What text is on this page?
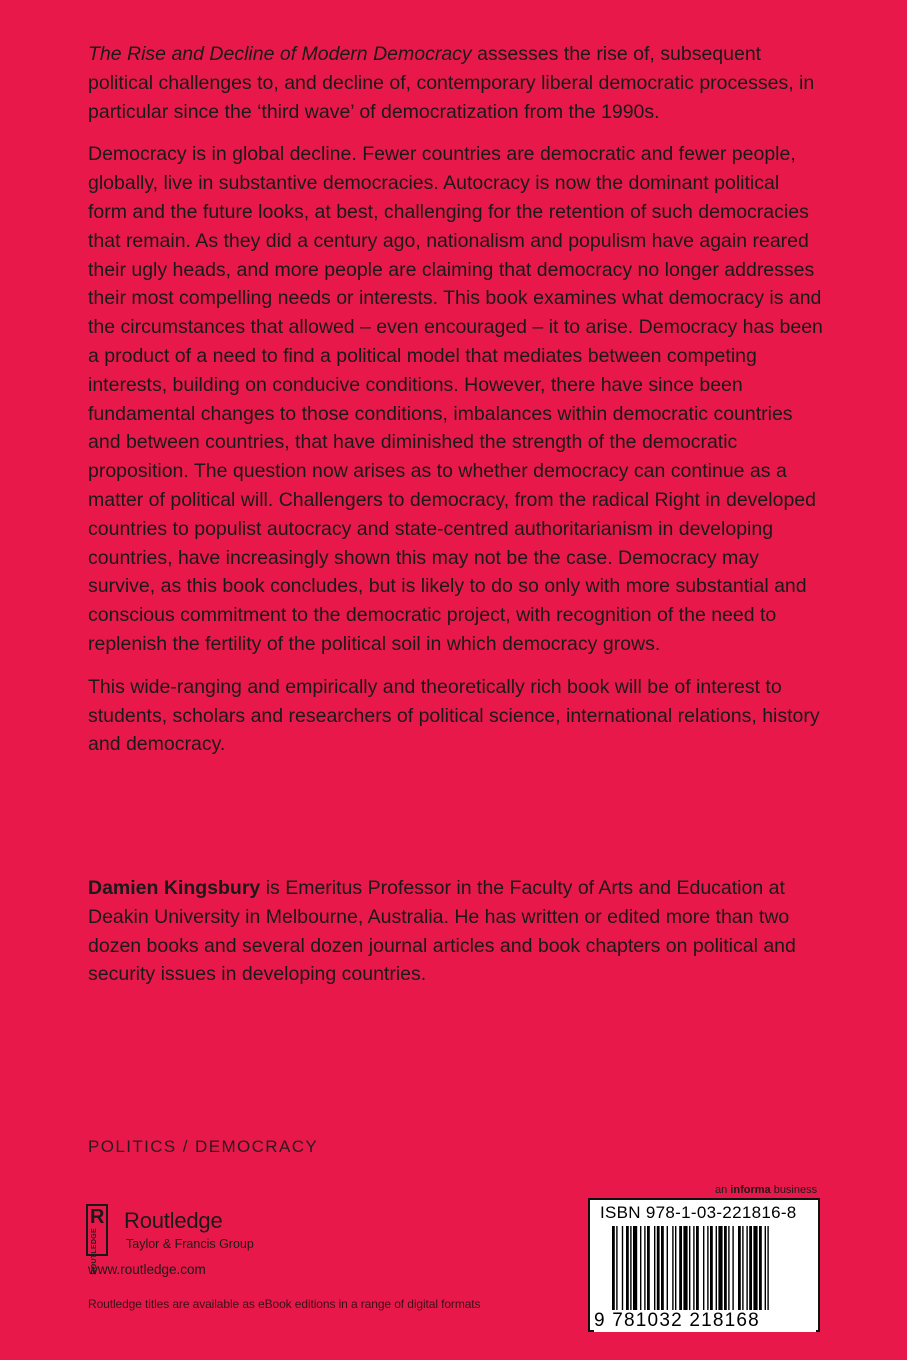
The Rise and Decline of Modern Democracy assesses the rise of, subsequent political challenges to, and decline of, contemporary liberal democratic processes, in particular since the ‘third wave’ of democratization from the 1990s.

Democracy is in global decline. Fewer countries are democratic and fewer people, globally, live in substantive democracies. Autocracy is now the dominant political form and the future looks, at best, challenging for the retention of such democracies that remain. As they did a century ago, nationalism and populism have again reared their ugly heads, and more people are claiming that democracy no longer addresses their most compelling needs or interests. This book examines what democracy is and the circumstances that allowed – even encouraged – it to arise. Democracy has been a product of a need to find a political model that mediates between competing interests, building on conducive conditions. However, there have since been fundamental changes to those conditions, imbalances within democratic countries and between countries, that have diminished the strength of the democratic proposition. The question now arises as to whether democracy can continue as a matter of political will. Challengers to democracy, from the radical Right in developed countries to populist autocracy and state-centred authoritarianism in developing countries, have increasingly shown this may not be the case. Democracy may survive, as this book concludes, but is likely to do so only with more substantial and conscious commitment to the democratic project, with recognition of the need to replenish the fertility of the political soil in which democracy grows.

This wide-ranging and empirically and theoretically rich book will be of interest to students, scholars and researchers of political science, international relations, history and democracy.

Damien Kingsbury is Emeritus Professor in the Faculty of Arts and Education at Deakin University in Melbourne, Australia. He has written or edited more than two dozen books and several dozen journal articles and book chapters on political and security issues in developing countries.

POLITICS / DEMOCRACY
R
ROUTLEDGE
Routledge
Taylor & Francis Group
www.routledge.com
Routledge titles are available as eBook editions in a range of digital formats
an informa business
ISBN 978-1-03-221816-8
9 781032 218168
